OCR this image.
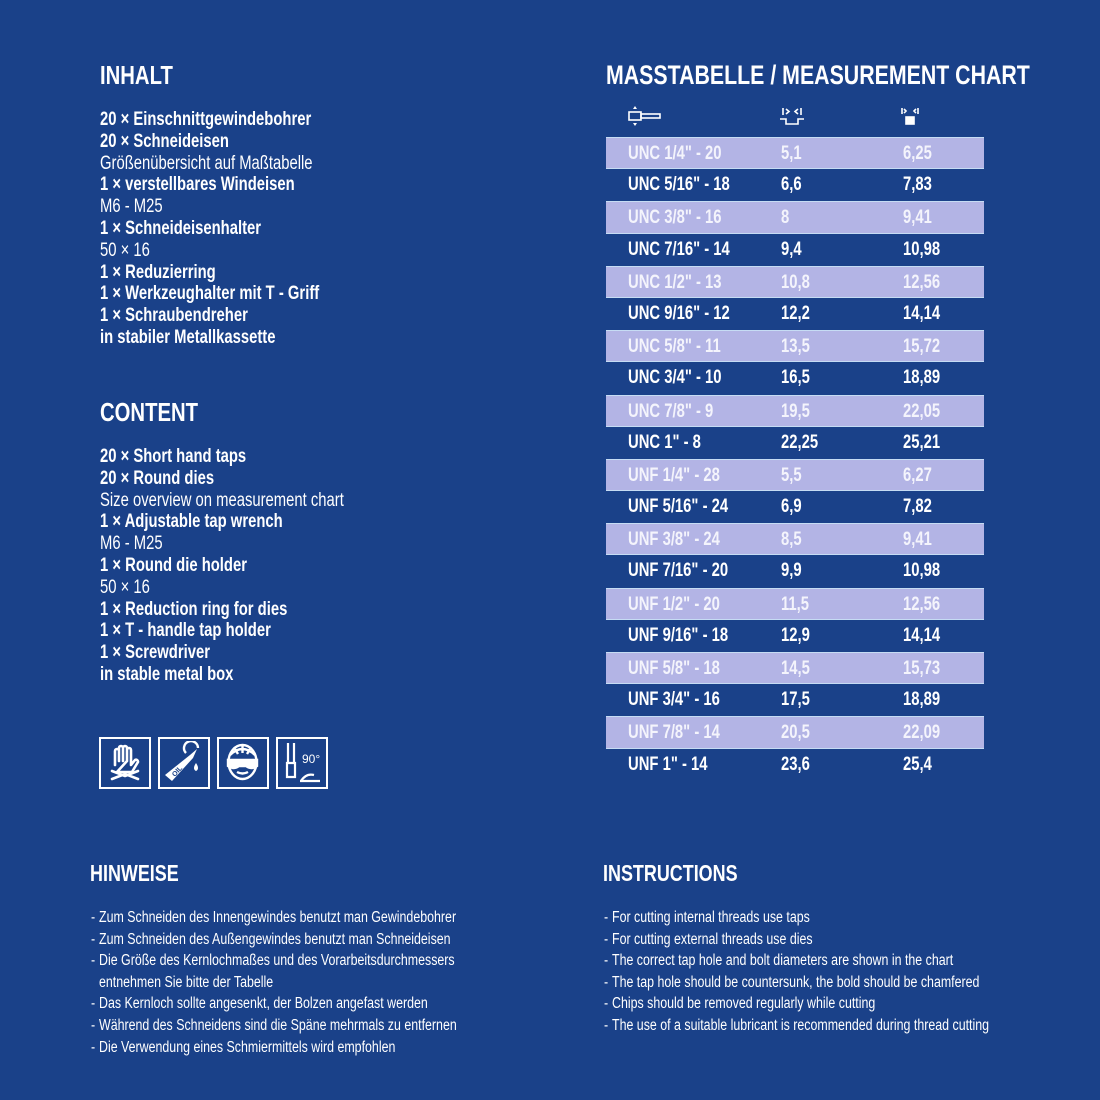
INHALT
20 × Einschnittgewindebohrer
20 × Schneideisen
Größenübersicht auf Maßtabelle
1 × verstellbares Windeisen
M6 - M25
1 × Schneideisenhalter
50 × 16
1 × Reduzierring
1 × Werkzeughalter mit T - Griff
1 × Schraubendreher
in stabiler Metallkassette
CONTENT
20 × Short hand taps
20 × Round dies
Size overview on measurement chart
1 × Adjustable tap wrench
M6 - M25
1 × Round die holder
50 × 16
1 × Reduction ring for dies
1 × T - handle tap holder
1 × Screwdriver
in stable metal box
OIL
90°
MASSTABELLE / MEASUREMENT CHART
UNC 1/4" - 20	5,1	6,25
UNC 5/16" - 18	6,6	7,83
UNC 3/8" - 16	8	9,41
UNC 7/16" - 14	9,4	10,98
UNC 1/2" - 13	10,8	12,56
UNC 9/16" - 12	12,2	14,14
UNC 5/8" - 11	13,5	15,72
UNC 3/4" - 10	16,5	18,89
UNC 7/8" - 9	19,5	22,05
UNC 1" - 8	22,25	25,21
UNF 1/4" - 28	5,5	6,27
UNF 5/16" - 24	6,9	7,82
UNF 3/8" - 24	8,5	9,41
UNF 7/16" - 20	9,9	10,98
UNF 1/2" - 20	11,5	12,56
UNF 9/16" - 18	12,9	14,14
UNF 5/8" - 18	14,5	15,73
UNF 3/4" - 16	17,5	18,89
UNF 7/8" - 14	20,5	22,09
UNF 1" - 14	23,6	25,4
HINWEISE
- Zum Schneiden des Innengewindes benutzt man Gewindebohrer
- Zum Schneiden des Außengewindes benutzt man Schneideisen
- Die Größe des Kernlochmaßes und des Vorarbeitsdurchmessers
entnehmen Sie bitte der Tabelle
- Das Kernloch sollte angesenkt, der Bolzen angefast werden
- Während des Schneidens sind die Späne mehrmals zu entfernen
- Die Verwendung eines Schmiermittels wird empfohlen
INSTRUCTIONS
- For cutting internal threads use taps
- For cutting external threads use dies
- The correct tap hole and bolt diameters are shown in the chart
- The tap hole should be countersunk, the bold should be chamfered
- Chips should be removed regularly while cutting
- The use of a suitable lubricant is recommended during thread cutting
